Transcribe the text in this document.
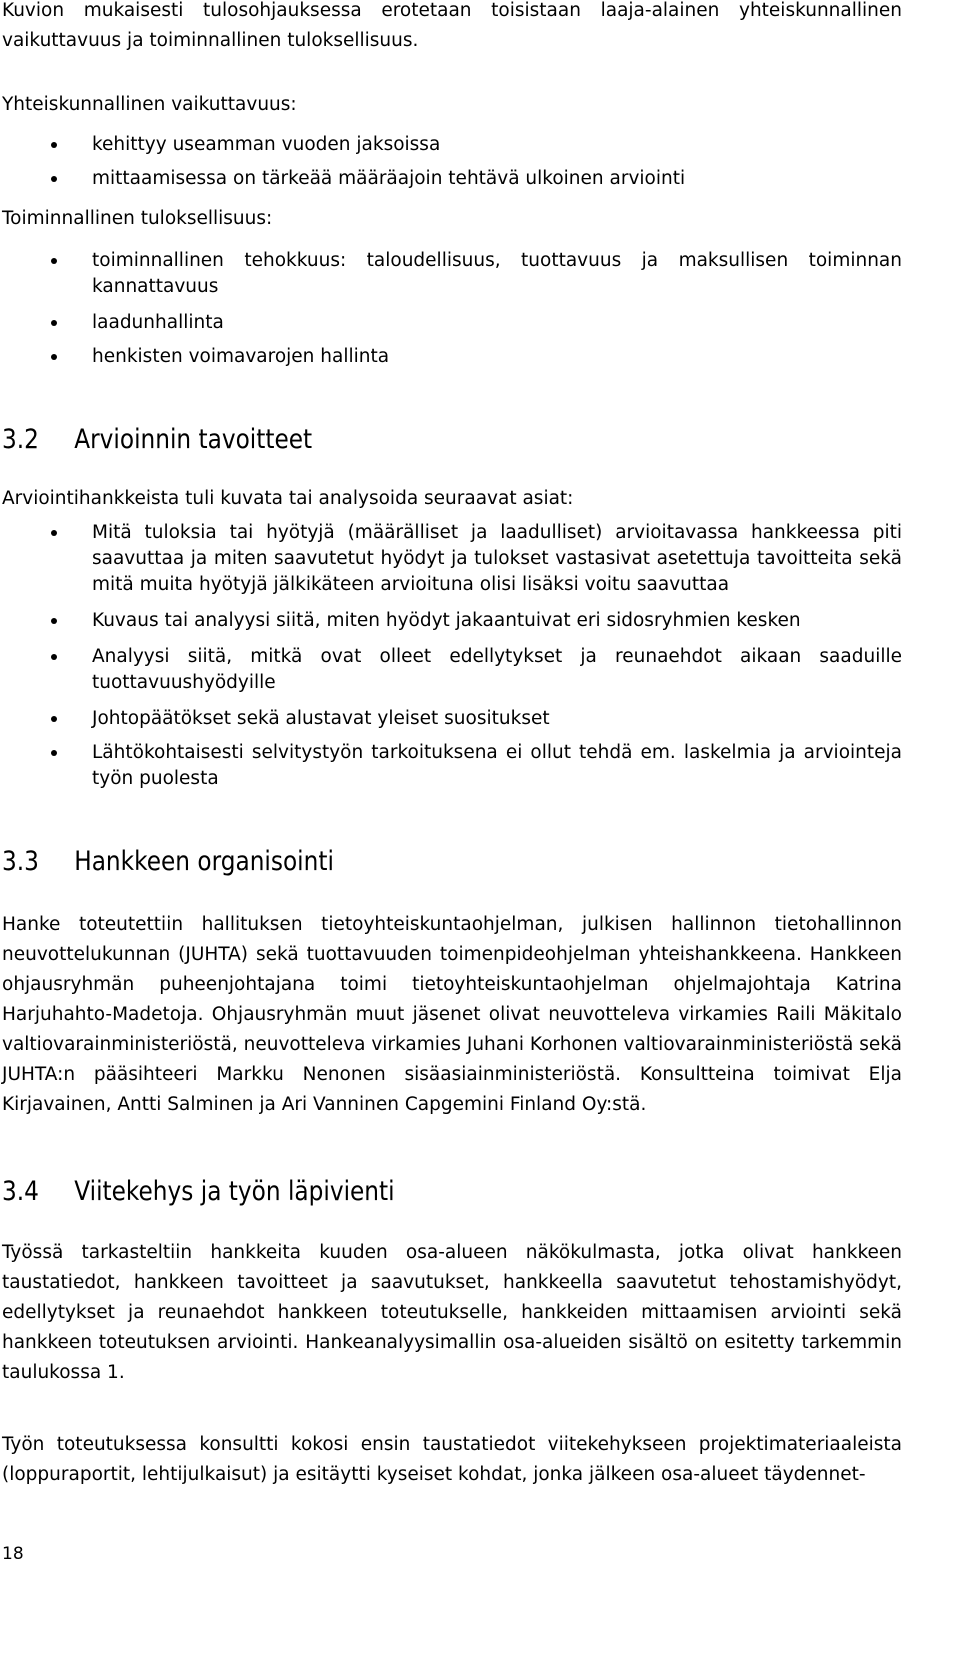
Kuvion mukaisesti tulosohjauksessa erotetaan toisistaan laaja-alainen yhteiskunnallinen vaikuttavuus ja toiminnallinen tuloksellisuus.

Yhteiskunnallinen vaikuttavuus:

kehittyy useamman vuoden jaksoissa
mittaamisessa on tärkeää määräajoin tehtävä ulkoinen arviointi

Toiminnallinen tuloksellisuus:

toiminnallinen tehokkuus: taloudellisuus, tuottavuus ja maksullisen toiminnan kannattavuus
laadunhallinta
henkisten voimavarojen hallinta
3.2 Arvioinnin tavoitteet

Arviointihankkeista tuli kuvata tai analysoida seuraavat asiat:

Mitä tuloksia tai hyötyjä (määrälliset ja laadulliset) arvioitavassa hankkeessa piti saavuttaa ja miten saavutetut hyödyt ja tulokset vastasivat asetettuja tavoitteita sekä mitä muita hyötyjä jälkikäteen arvioituna olisi lisäksi voitu saavuttaa
Kuvaus tai analyysi siitä, miten hyödyt jakaantuivat eri sidosryhmien kesken
Analyysi siitä, mitkä ovat olleet edellytykset ja reunaehdot aikaan saaduille tuottavuushyödyille
Johtopäätökset sekä alustavat yleiset suositukset
Lähtökohtaisesti selvitystyön tarkoituksena ei ollut tehdä em. laskelmia ja arviointeja työn puolesta
3.3 Hankkeen organisointi

Hanke toteutettiin hallituksen tietoyhteiskuntaohjelman, julkisen hallinnon tietohallinnon neuvottelukunnan (JUHTA) sekä tuottavuuden toimenpideohjelman yhteishankkeena. Hankkeen ohjausryhmän puheenjohtajana toimi tietoyhteiskuntaohjelman ohjelmajohtaja Katrina Harjuhahto-Madetoja. Ohjausryhmän muut jäsenet olivat neuvotteleva virkamies Raili Mäkitalo valtiovarainministeriöstä, neuvotteleva virkamies Juhani Korhonen valtiovarainministeriöstä sekä JUHTA:n pääsihteeri Markku Nenonen sisäasiainministeriöstä. Konsultteina toimivat Elja Kirjavainen, Antti Salminen ja Ari Vanninen Capgemini Finland Oy:stä.

3.4 Viitekehys ja työn läpivienti

Työssä tarkasteltiin hankkeita kuuden osa-alueen näkökulmasta, jotka olivat hankkeen taustatiedot, hankkeen tavoitteet ja saavutukset, hankkeella saavutetut tehostamishyödyt, edellytykset ja reunaehdot hankkeen toteutukselle, hankkeiden mittaamisen arviointi sekä hankkeen toteutuksen arviointi. Hankeanalyysimallin osa-alueiden sisältö on esitetty tarkemmin taulukossa 1.

Työn toteutuksessa konsultti kokosi ensin taustatiedot viitekehykseen projektimateriaaleista (loppuraportit, lehtijulkaisut) ja esitäytti kyseiset kohdat, jonka jälkeen osa-alueet täydennet-

18
